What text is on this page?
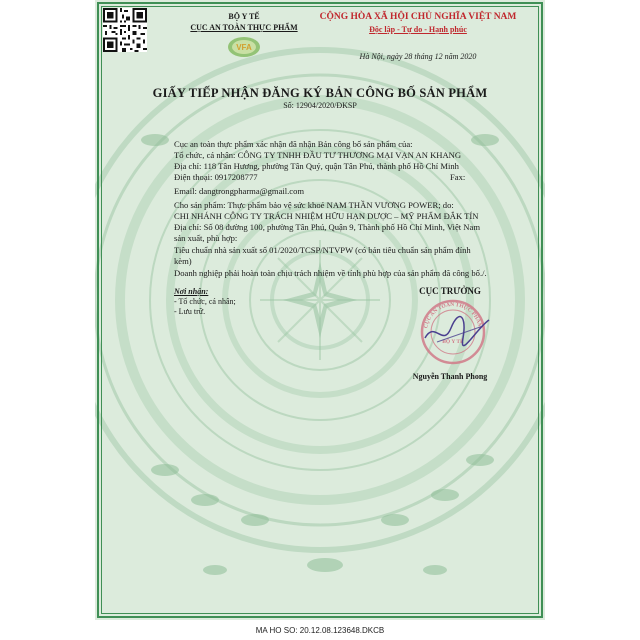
BỘ Y TẾ
CỤC AN TOÀN THỰC PHẨM
VFA
CỘNG HÒA XÃ HỘI CHỦ NGHĨA VIỆT NAM
Độc lập - Tự do - Hạnh phúc
Hà Nội, ngày 28 tháng 12 năm 2020
GIẤY TIẾP NHẬN ĐĂNG KÝ BẢN CÔNG BỐ SẢN PHẨM
Số: 12904/2020/ĐKSP
Cục an toàn thực phẩm xác nhận đã nhận Bản công bố sản phẩm của:
Tổ chức, cá nhân: CÔNG TY TNHH ĐẦU TƯ THƯƠNG MẠI VẠN AN KHANG
Địa chỉ: 118 Tân Hương, phường Tân Quý, quận Tân Phú, thành phố Hồ Chí Minh
Điện thoại: 0917208777	Fax:
Email: dangtrongpharma@gmail.com
Cho sản phẩm: Thực phẩm bảo vệ sức khoẻ NAM THẦN VƯƠNG POWER; do:
CHI NHÁNH CÔNG TY TRÁCH NHIỆM HỮU HẠN DƯỢC – MỸ PHẨM ĐẮK TÍN
Địa chỉ: Số 08 đường 100, phường Tân Phú, Quận 9, Thành phố Hồ Chí Minh, Việt Nam
sản xuất, phù hợp:
Tiêu chuẩn nhà sản xuất số 01/2020/TCSP/NTVPW (có bản tiêu chuẩn sản phẩm đính
kèm)
Doanh nghiệp phải hoàn toàn chịu trách nhiệm về tính phù hợp của sản phẩm đã công bố./.
Nơi nhận:
- Tổ chức, cá nhân;
- Lưu trữ.
CỤC TRƯỞNG
CỤC AN TOÀN THỰC PHẨM
BỘ Y TẾ
Nguyễn Thanh Phong
MA HO SO: 20.12.08.123648.DKCB
